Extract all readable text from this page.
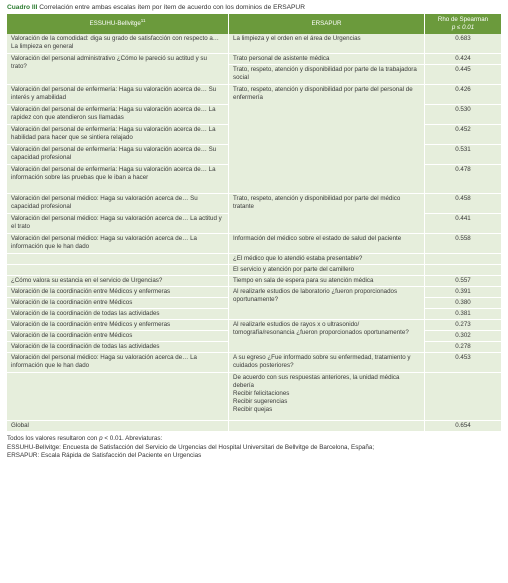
Cuadro III Correlación entre ambas escalas ítem por ítem de acuerdo con los dominios de ERSAPUR
ESSUHU-Bellvitge$^{11}$	ERSAPUR	Rho de Spearman
p ≤ 0.01
Valoración de la comodidad: diga su grado de satisfacción con respecto a… La limpieza en general	La limpieza y el orden en el área de Urgencias	0.683
Valoración del personal administrativo ¿Cómo le pareció su actitud y su trato?	Trato personal de asistente médica	0.424
	Trato, respeto, atención y disponibilidad por parte de la trabajadora social	0.445
Valoración del personal de enfermería: Haga su valoración acerca de… Su interés y amabilidad	Trato, respeto, atención y disponibilidad por parte del personal de enfermería	0.426
Valoración del personal de enfermería: Haga su valoración acerca de… La rapidez con que atendieron sus llamadas		0.530
Valoración del personal de enfermería: Haga su valoración acerca de… La habilidad para hacer que se sintiera relajado		0.452
Valoración del personal de enfermería: Haga su valoración acerca de… Su capacidad profesional		0.531
Valoración del personal de enfermería: Haga su valoración acerca de… La información sobre las pruebas que le iban a hacer		0.478
Valoración del personal médico: Haga su valoración acerca de… Su capacidad profesional	Trato, respeto, atención y disponibilidad por parte del médico tratante	0.458
Valoración del personal médico: Haga su valoración acerca de… La actitud y el trato		0.441
Valoración del personal médico: Haga su valoración acerca de… La información que le han dado	Información del médico sobre el estado de salud del paciente	0.558
	¿El médico que lo atendió estaba presentable?	
	El servicio y atención por parte del camillero	
¿Cómo valora su estancia en el servicio de Urgencias?	Tiempo en sala de espera para su atención médica	0.557
Valoración de la coordinación entre Médicos y enfermeras	Al realizarle estudios de laboratorio ¿fueron proporcionados oportunamente?	0.391
Valoración de la coordinación entre Médicos		0.380
Valoración de la coordinación de todas las actividades		0.381
Valoración de la coordinación entre Médicos y enfermeras	Al realizarle estudios de rayos x o ultrasonido/ tomografía/resonancia ¿fueron proporcionados oportunamente?	0.273
Valoración de la coordinación entre Médicos		0.302
Valoración de la coordinación de todas las actividades		0.278
Valoración del personal médico: Haga su valoración acerca de… La información que le han dado	A su egreso ¿Fue informado sobre su enfermedad, tratamiento y cuidados posteriores?	0.453

	De acuerdo con sus respuestas anteriores, la unidad médica debería
Recibir felicitaciones
Recibir sugerencias
Recibir quejas	

Global		0.654
Todos los valores resultaron con p < 0.01. Abreviaturas:
ESSUHU-Bellvitge: Encuesta de Satisfacción del Servicio de Urgencias del Hospital Universitari de Bellvitge de Barcelona, España;
ERSAPUR: Escala Rápida de Satisfacción del Paciente en Urgencias
